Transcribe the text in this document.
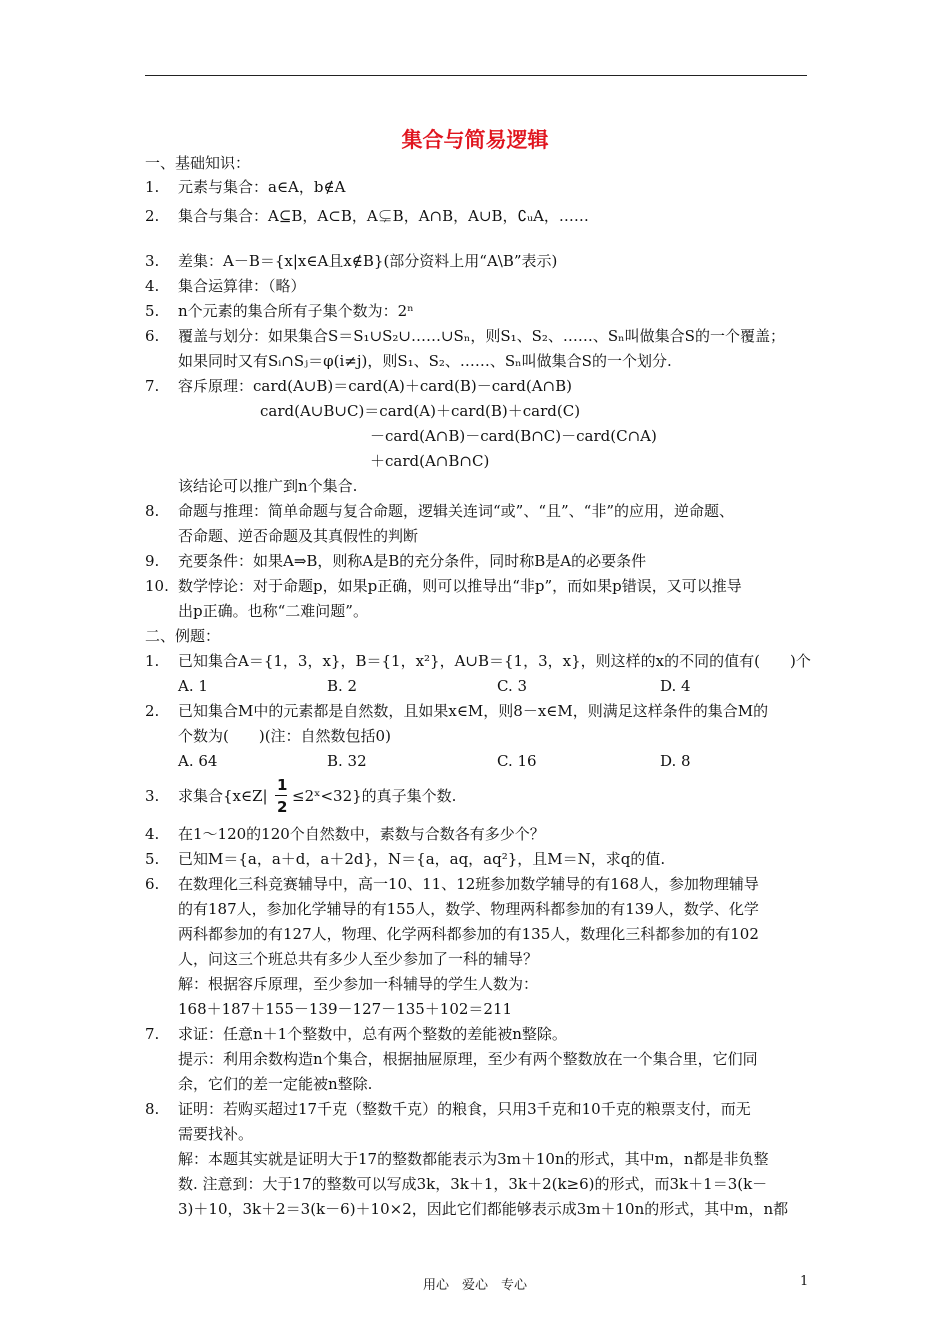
集合与简易逻辑
一、基础知识：
1. 元素与集合：a∈A，b∉A
2. 集合与集合：A⊆B，A⊂B，A⊊B，A∩B，A∪B，∁ᵤA，……
3. 差集：A－B＝{x|x∈A且x∉B}(部分资料上用“A\B”表示)
4. 集合运算律：（略）
5. n个元素的集合所有子集个数为：2ⁿ
6. 覆盖与划分：如果集合S＝S₁∪S₂∪……∪Sₙ，则S₁、S₂、……、Sₙ叫做集合S的一个覆盖；
如果同时又有Sᵢ∩Sⱼ＝φ(i≠j)，则S₁、S₂、……、Sₙ叫做集合S的一个划分.
7. 容斥原理：card(A∪B)＝card(A)＋card(B)－card(A∩B)
card(A∪B∪C)＝card(A)＋card(B)＋card(C)
－card(A∩B)－card(B∩C)－card(C∩A)
＋card(A∩B∩C)
该结论可以推广到n个集合.
8. 命题与推理：简单命题与复合命题，逻辑关连词“或”、“且”、“非”的应用，逆命题、
否命题、逆否命题及其真假性的判断
9. 充要条件：如果A⇒B，则称A是B的充分条件，同时称B是A的必要条件
10. 数学悖论：对于命题p，如果p正确，则可以推导出“非p”，而如果p错误，又可以推导
出p正确。也称“二难问题”。
二、例题：
1. 已知集合A＝{1，3，x}，B＝{1，x²}，A∪B＝{1，3，x}，则这样的x的不同的值有(　　)个
A. 1	B. 2	C. 3	D. 4
2. 已知集合M中的元素都是自然数，且如果x∈M，则8－x∈M，则满足这样条件的集合M的
个数为(　　)(注：自然数包括0)
A. 64	B. 32	C. 16	D. 8
3. 求集合{x∈Z|
1
2
≤2ˣ<32}的真子集个数.
4. 在1～120的120个自然数中，素数与合数各有多少个？
5. 已知M＝{a，a＋d，a＋2d}，N＝{a，aq，aq²}，且M＝N，求q的值.
6. 在数理化三科竞赛辅导中，高一10、11、12班参加数学辅导的有168人，参加物理辅导
的有187人，参加化学辅导的有155人，数学、物理两科都参加的有139人，数学、化学
两科都参加的有127人，物理、化学两科都参加的有135人，数理化三科都参加的有102
人，问这三个班总共有多少人至少参加了一科的辅导？
解：根据容斥原理，至少参加一科辅导的学生人数为：
168＋187＋155－139－127－135＋102＝211
7. 求证：任意n＋1个整数中，总有两个整数的差能被n整除。
提示：利用余数构造n个集合，根据抽屉原理，至少有两个整数放在一个集合里，它们同
余，它们的差一定能被n整除.
8. 证明：若购买超过17千克（整数千克）的粮食，只用3千克和10千克的粮票支付，而无
需要找补。
解：本题其实就是证明大于17的整数都能表示为3m＋10n的形式，其中m，n都是非负整
数. 注意到：大于17的整数可以写成3k，3k＋1，3k＋2(k≥6)的形式，而3k＋1＝3(k－
3)＋10，3k＋2＝3(k－6)＋10×2，因此它们都能够表示成3m＋10n的形式，其中m，n都
用心　爱心　专心	1
